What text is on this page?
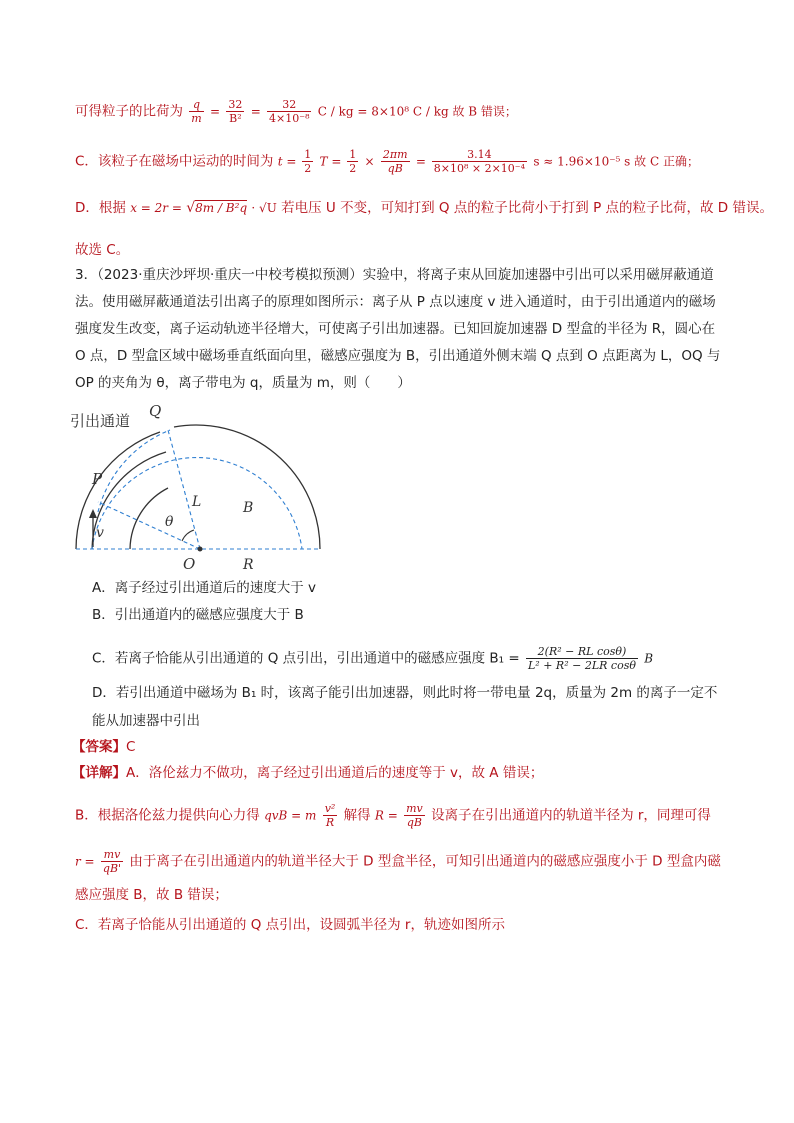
可得粒子的比荷为 $\frac{q}{m} = \frac{32}{\text{B²}} = \frac{32}{\text{4×10⁻⁸}}$ C / kg = 8×10⁸ C / kg 故 B 错误；
C．该粒子在磁场中运动的时间为 $t = \frac{1}{2}$ $T = \frac{1}{2} \times \frac{2\pi m}{qB} = \frac{3.14}{\text{8×10⁸ × 2×10⁻⁴}}$ s ≈ 1.96×10⁻⁵ s 故 C 正确；
D．根据 x = 2r = √8m / B²q · √U 若电压 U 不变，可知打到 Q 点的粒子比荷小于打到 P 点的粒子比荷，故 D 错误。
故选 C。
3．（2023·重庆沙坪坝·重庆一中校考模拟预测）实验中，将离子束从回旋加速器中引出可以采用磁屏蔽通道法。使用磁屏蔽通道法引出离子的原理如图所示：离子从 P 点以速度 v 进入通道时，由于引出通道内的磁场强度发生改变，离子运动轨迹半径增大，可使离子引出加速器。已知回旋加速器 D 型盒的半径为 R，圆心在 O 点，D 型盒区域中磁场垂直纸面向里，磁感应强度为 B，引出通道外侧末端 Q 点到 O 点距离为 L，OQ 与 OP 的夹角为 θ，离子带电为 q，质量为 m，则（　　）
引出通道
Q
P
L	B
θ
v
O	R
A．离子经过引出通道后的速度大于 v
B．引出通道内的磁感应强度大于 B
C．若离子恰能从引出通道的 Q 点引出，引出通道中的磁感应强度 $B_1 = \frac{\text{2(R² − RL cosθ)}}{\text{L² + R² − 2LR cosθ}}$ B
D．若引出通道中磁场为 B₁ 时，该离子能引出加速器，则此时将一带电量 2q，质量为 2m 的离子一定不
能从加速器中引出
【答案】C
【详解】A．洛伦兹力不做功，离子经过引出通道后的速度等于 v，故 A 错误；
B．根据洛伦兹力提供向心力得 qvB = m $\frac{\text{v²}}{R}$ 解得 $R = \frac{mv}{qB}$ 设离子在引出通道内的轨道半径为 r，同理可得
$r = \frac{mv}{qB'}$ 由于离子在引出通道内的轨道半径大于 D 型盒半径，可知引出通道内的磁感应强度小于 D 型盒内磁
感应强度 B，故 B 错误；
C．若离子恰能从引出通道的 Q 点引出，设圆弧半径为 r，轨迹如图所示
